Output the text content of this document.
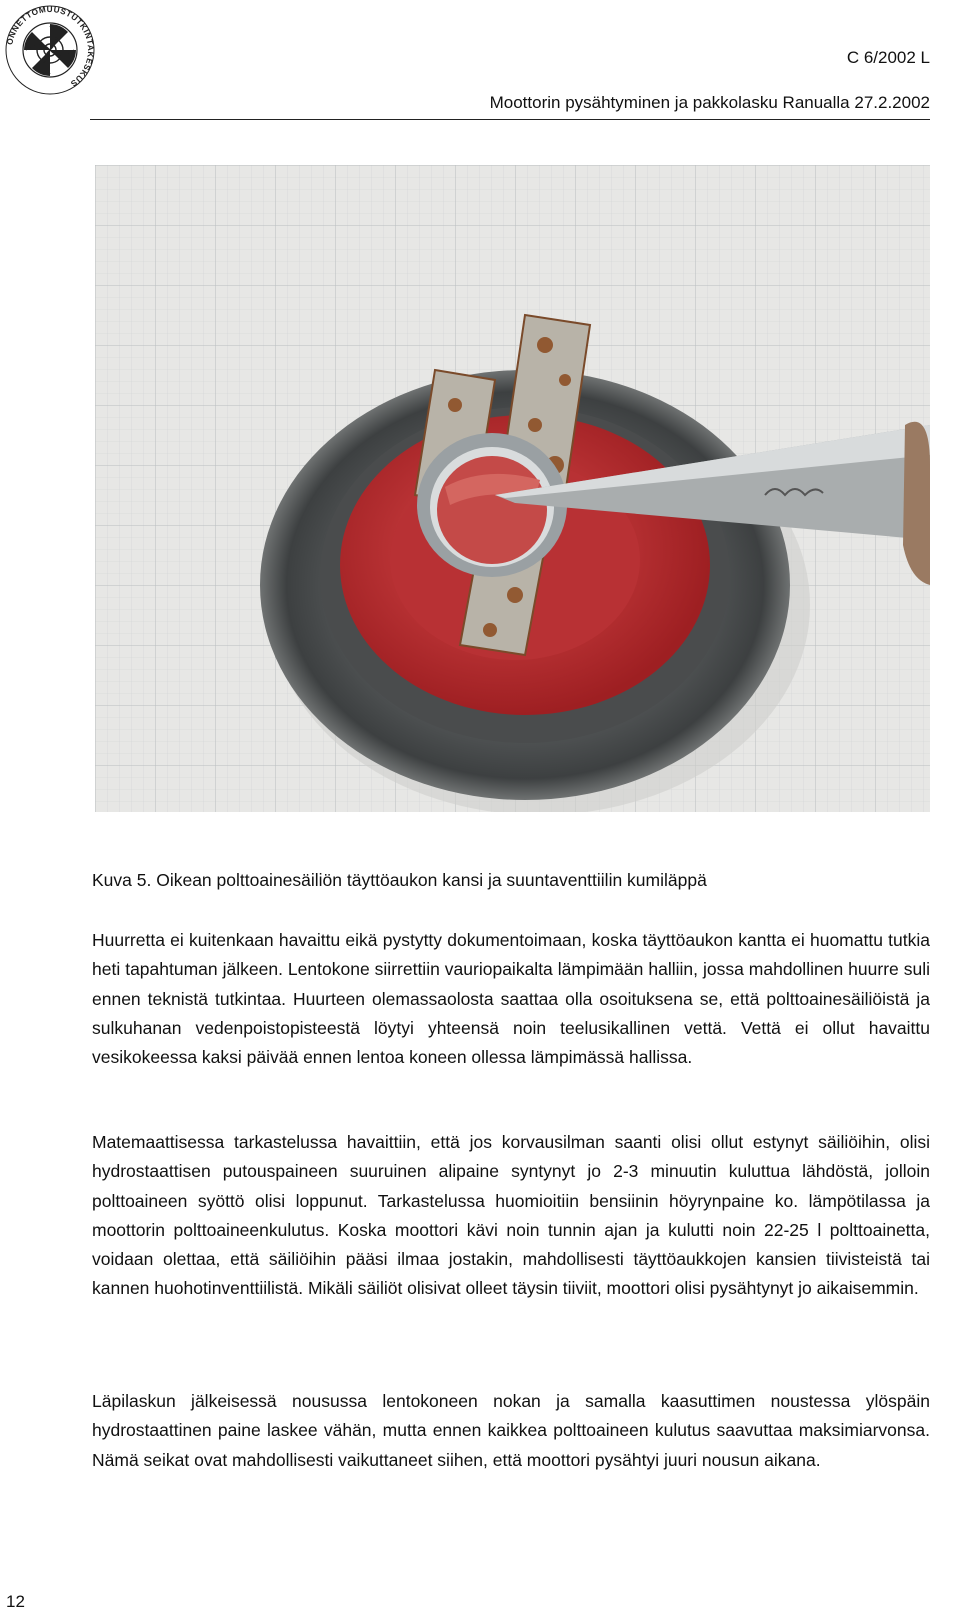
ONNETTOMUUSTUTKINTAKESKUS
C 6/2002 L
Moottorin pysähtyminen ja pakkolasku Ranualla 27.2.2002
Kuva 5. Oikean polttoainesäiliön täyttöaukon kansi ja suuntaventtiilin kumiläppä

Huurretta ei kuitenkaan havaittu eikä pystytty dokumentoimaan, koska täyttöaukon kantta ei huomattu tutkia heti tapahtuman jälkeen. Lentokone siirrettiin vauriopaikalta lämpimään halliin, jossa mahdollinen huurre suli ennen teknistä tutkintaa. Huurteen olemassaolosta saattaa olla osoituksena se, että polttoainesäiliöistä ja sulkuhanan vedenpoistopisteestä löytyi yhteensä noin teelusikallinen vettä. Vettä ei ollut havaittu vesikokeessa kaksi päivää ennen lentoa koneen ollessa lämpimässä hallissa.

Matemaattisessa tarkastelussa havaittiin, että jos korvausilman saanti olisi ollut estynyt säiliöihin, olisi hydrostaattisen putouspaineen suuruinen alipaine syntynyt jo 2-3 minuutin kuluttua lähdöstä, jolloin polttoaineen syöttö olisi loppunut. Tarkastelussa huomioitiin bensiinin höyrynpaine ko. lämpötilassa ja moottorin polttoaineenkulutus. Koska moottori kävi noin tunnin ajan ja kulutti noin 22-25 l polttoainetta, voidaan olettaa, että säiliöihin pääsi ilmaa jostakin, mahdollisesti täyttöaukkojen kansien tiivisteistä tai kannen huohotinventtiilistä. Mikäli säiliöt olisivat olleet täysin tiiviit, moottori olisi pysähtynyt jo aikaisemmin.

Läpilaskun jälkeisessä nousussa lentokoneen nokan ja samalla kaasuttimen noustessa ylöspäin hydrostaattinen paine laskee vähän, mutta ennen kaikkea polttoaineen kulutus saavuttaa maksimiarvonsa. Nämä seikat ovat mahdollisesti vaikuttaneet siihen, että moottori pysähtyi juuri nousun aikana.

12
